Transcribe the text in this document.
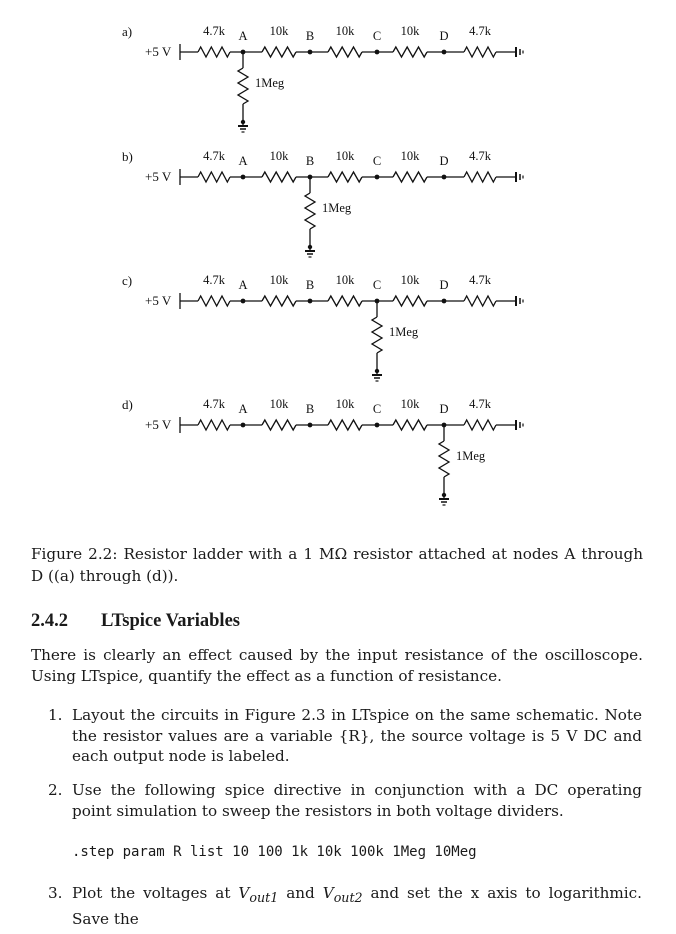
a)
+5 V
4.7k	10k	10k	10k	4.7k
A	B	C	D
1Meg
b)
+5 V
4.7k	10k	10k	10k	4.7k
A	B	C	D
1Meg
c)
+5 V
4.7k	10k	10k	10k	4.7k
A	B	C	D
1Meg
d)
+5 V
4.7k	10k	10k	10k	4.7k
A	B	C	D
1Meg
Figure 2.2: Resistor ladder with a 1 MΩ resistor attached at nodes A through D ((a) through (d)).
2.4.2 LTspice Variables
There is clearly an effect caused by the input resistance of the oscilloscope. Using LTspice, quantify the effect as a function of resistance.
1. Layout the circuits in Figure 2.3 in LTspice on the same schematic. Note the resistor values are a variable {R}, the source voltage is 5 V DC and each output node is labeled.
2. Use the following spice directive in conjunction with a DC operating point simulation to sweep the resistors in both voltage dividers.
.step param R list 10 100 1k 10k 100k 1Meg 10Meg
3. Plot the voltages at $V_{out1}$ and $V_{out2}$ and set the x axis to logarithmic. Save the
